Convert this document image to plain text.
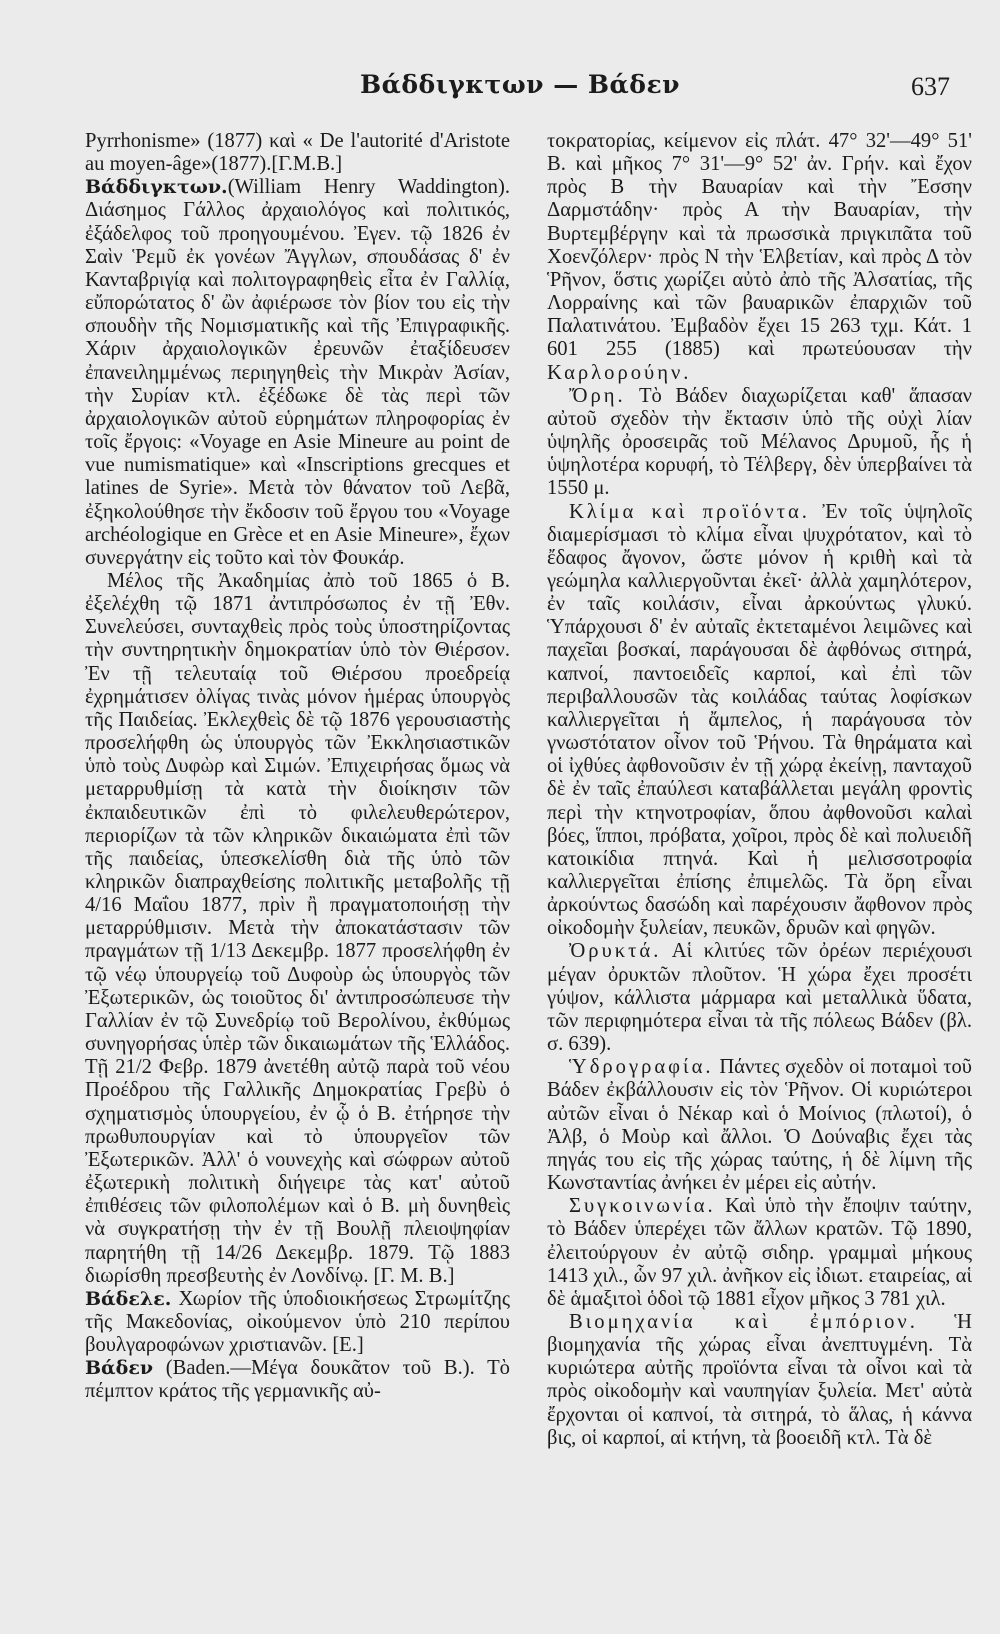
Βάδδιγκτων — Βάδεν	637

Pyrrhonisme» (1877) καὶ « De l'autorité d'Aristote au moyen-âge»(1877).[Γ.Μ.Β.]

Βάδδιγκτων.(William Henry Waddington). Διάσημος Γάλλος ἀρχαιολόγος καὶ πολιτικός, ἐξάδελφος τοῦ προηγουμένου. Ἐγεν. τῷ 1826 ἐν Σαὶν Ῥεμῦ ἐκ γονέων Ἄγγλων, σπουδάσας δ' ἐν Κανταβριγίᾳ καὶ πολιτογραφηθεὶς εἶτα ἐν Γαλλίᾳ, εὔπορώτατος δ' ὢν ἀφιέρωσε τὸν βίον του εἰς τὴν σπουδὴν τῆς Νομισματικῆς καὶ τῆς Ἐπιγραφικῆς. Χάριν ἀρχαιολογικῶν ἐρευνῶν ἐταξίδευσεν ἐπανειλημμένως περιηγηθεὶς τὴν Μικρὰν Ἀσίαν, τὴν Συρίαν κτλ. ἐξέδωκε δὲ τὰς περὶ τῶν ἀρχαιολογικῶν αὐτοῦ εὑρημάτων πληροφορίας ἐν τοῖς ἔργοις: «Voyage en Asie Mineure au point de vue numismatique» καὶ «Inscriptions grecques et latines de Syrie». Μετὰ τὸν θάνατον τοῦ Λεβᾶ, ἐξηκολούθησε τὴν ἔκδοσιν τοῦ ἔργου του «Voyage archéologique en Grèce et en Asie Mineure», ἔχων συνεργάτην εἰς τοῦτο καὶ τὸν Φουκάρ.

Μέλος τῆς Ἀκαδημίας ἀπὸ τοῦ 1865 ὁ Β. ἐξελέχθη τῷ 1871 ἀντιπρόσωπος ἐν τῇ Ἐθν. Συνελεύσει, συνταχθεὶς πρὸς τοὺς ὑποστηρίζοντας τὴν συντηρητικὴν δημοκρατίαν ὑπὸ τὸν Θιέρσον. Ἐν τῇ τελευταίᾳ τοῦ Θιέρσου προεδρείᾳ ἐχρημάτισεν ὀλίγας τινὰς μόνον ἡμέρας ὑπουργὸς τῆς Παιδείας. Ἐκλεχθεὶς δὲ τῷ 1876 γερουσιαστὴς προσελήφθη ὡς ὑπουργὸς τῶν Ἐκκλησιαστικῶν ὑπὸ τοὺς Δυφὼρ καὶ Σιμών. Ἐπιχειρήσας ὅμως νὰ μεταρρυθμίσῃ τὰ κατὰ τὴν διοίκησιν τῶν ἐκπαιδευτικῶν ἐπὶ τὸ φιλελευθερώτερον, περιορίζων τὰ τῶν κληρικῶν δικαιώματα ἐπὶ τῶν τῆς παιδείας, ὑπεσκελίσθη διὰ τῆς ὑπὸ τῶν κληρικῶν διαπραχθείσης πολιτικῆς μεταβολῆς τῇ 4/16 Μαΐου 1877, πρὶν ἢ πραγματοποιήσῃ τὴν μεταρρύθμισιν. Μετὰ τὴν ἀποκατάστασιν τῶν πραγμάτων τῇ 1/13 Δεκεμβρ. 1877 προσελήφθη ἐν τῷ νέῳ ὑπουργείῳ τοῦ Δυφοὺρ ὡς ὑπουργὸς τῶν Ἐξωτερικῶν, ὡς τοιοῦτος δι' ἀντιπροσώπευσε τὴν Γαλλίαν ἐν τῷ Συνεδρίῳ τοῦ Βερολίνου, ἐκθύμως συνηγορήσας ὑπὲρ τῶν δικαιωμάτων τῆς Ἑλλάδος. Τῇ 21/2 Φεβρ. 1879 ἀνετέθη αὐτῷ παρὰ τοῦ νέου Προέδρου τῆς Γαλλικῆς Δημοκρατίας Γρεβὺ ὁ σχηματισμὸς ὑπουργείου, ἐν ᾧ ὁ Β. ἐτήρησε τὴν πρωθυπουργίαν καὶ τὸ ὑπουργεῖον τῶν Ἐξωτερικῶν. Ἀλλ' ὁ νουνεχὴς καὶ σώφρων αὐτοῦ ἐξωτερικὴ πολιτικὴ διήγειρε τὰς κατ' αὐτοῦ ἐπιθέσεις τῶν φιλοπολέμων καὶ ὁ Β. μὴ δυνηθεὶς νὰ συγκρατήσῃ τὴν ἐν τῇ Βουλῇ πλειοψηφίαν παρητήθη τῇ 14/26 Δεκεμβρ. 1879. Τῷ 1883 διωρίσθη πρεσβευτὴς ἐν Λονδίνῳ. [Γ. Μ. Β.]

Βάδελε. Χωρίον τῆς ὑποδιοικήσεως Στρωμίτζης τῆς Μακεδονίας, οἰκούμενον ὑπὸ 210 περίπου βουλγαροφώνων χριστιανῶν. [Ε.]

Βάδεν (Baden.—Μέγα δουκᾶτον τοῦ Β.). Τὸ πέμπτον κράτος τῆς γερμανικῆς αὐ-

τοκρατορίας, κείμενον εἰς πλάτ. 47° 32'—49° 51' Β. καὶ μῆκος 7° 31'—9° 52' ἀν. Γρήν. καὶ ἔχον πρὸς Β τὴν Βαυαρίαν καὶ τὴν Ἔσσην Δαρμστάδην· πρὸς Α τὴν Βαυαρίαν, τὴν Βυρτεμβέργην καὶ τὰ πρωσσικὰ πριγκιπᾶτα τοῦ Χοενζόλερν· πρὸς Ν τὴν Ἑλβετίαν, καὶ πρὸς Δ τὸν Ῥῆνον, ὅστις χωρίζει αὐτὸ ἀπὸ τῆς Ἀλσατίας, τῆς Λορραίνης καὶ τῶν βαυαρικῶν ἐπαρχιῶν τοῦ Παλατινάτου. Ἐμβαδὸν ἔχει 15 263 τχμ. Κάτ. 1 601 255 (1885) καὶ πρωτεύουσαν τὴν Καρλορούην.

Ὄρη. Τὸ Βάδεν διαχωρίζεται καθ' ἅπασαν αὐτοῦ σχεδὸν τὴν ἔκτασιν ὑπὸ τῆς οὐχὶ λίαν ὑψηλῆς ὀροσειρᾶς τοῦ Μέλανος Δρυμοῦ, ἧς ἡ ὑψηλοτέρα κορυφή, τὸ Τέλβεργ, δὲν ὑπερβαίνει τὰ 1550 μ.

Κλίμα καὶ προϊόντα. Ἐν τοῖς ὑψηλοῖς διαμερίσμασι τὸ κλίμα εἶναι ψυχρότατον, καὶ τὸ ἔδαφος ἄγονον, ὥστε μόνον ἡ κριθὴ καὶ τὰ γεώμηλα καλλιεργοῦνται ἐκεῖ· ἀλλὰ χαμηλότερον, ἐν ταῖς κοιλάσιν, εἶναι ἀρκούντως γλυκύ. Ὑπάρχουσι δ' ἐν αὐταῖς ἐκτεταμένοι λειμῶνες καὶ παχεῖαι βοσκαί, παράγουσαι δὲ ἀφθόνως σιτηρά, καπνοί, παντοειδεῖς καρποί, καὶ ἐπὶ τῶν περιβαλλουσῶν τὰς κοιλάδας ταύτας λοφίσκων καλλιεργεῖται ἡ ἄμπελος, ἡ παράγουσα τὸν γνωστότατον οἶνον τοῦ Ῥήνου. Τὰ θηράματα καὶ οἱ ἰχθύες ἀφθονοῦσιν ἐν τῇ χώρᾳ ἐκείνῃ, πανταχοῦ δὲ ἐν ταῖς ἐπαύλεσι καταβάλλεται μεγάλη φροντὶς περὶ τὴν κτηνοτροφίαν, ὅπου ἀφθονοῦσι καλαὶ βόες, ἵπποι, πρόβατα, χοῖροι, πρὸς δὲ καὶ πολυειδῆ κατοικίδια πτηνά. Καὶ ἡ μελισσοτροφία καλλιεργεῖται ἐπίσης ἐπιμελῶς. Τὰ ὄρη εἶναι ἀρκούντως δασώδη καὶ παρέχουσιν ἄφθονον πρὸς οἰκοδομὴν ξυλείαν, πευκῶν, δρυῶν καὶ φηγῶν.

Ὀρυκτά. Αἱ κλιτύες τῶν ὀρέων περιέχουσι μέγαν ὀρυκτῶν πλοῦτον. Ἡ χώρα ἔχει προσέτι γύψον, κάλλιστα μάρμαρα καὶ μεταλλικὰ ὕδατα, τῶν περιφημότερα εἶναι τὰ τῆς πόλεως Βάδεν (βλ. σ. 639).

Ὑδρογραφία. Πάντες σχεδὸν οἱ ποταμοὶ τοῦ Βάδεν ἐκβάλλουσιν εἰς τὸν Ῥῆνον. Οἱ κυριώτεροι αὐτῶν εἶναι ὁ Νέκαρ καὶ ὁ Μοίνιος (πλωτοί), ὁ Ἀλβ, ὁ Μοὺρ καὶ ἄλλοι. Ὁ Δούναβις ἔχει τὰς πηγάς του εἰς τῆς χώρας ταύτης, ἡ δὲ λίμνη τῆς Κωνσταντίας ἀνήκει ἐν μέρει εἰς αὐτήν.

Συγκοινωνία. Καὶ ὑπὸ τὴν ἔποψιν ταύτην, τὸ Βάδεν ὑπερέχει τῶν ἄλλων κρατῶν. Τῷ 1890, ἐλειτούργουν ἐν αὐτῷ σιδηρ. γραμμαὶ μήκους 1413 χιλ., ὧν 97 χιλ. ἀνῆκον εἰς ἰδιωτ. εταιρείας, αἱ δὲ ἁμαξιτοὶ ὁδοὶ τῷ 1881 εἶχον μῆκος 3 781 χιλ.

Βιομηχανία καὶ ἐμπόριον. Ἡ βιομηχανία τῆς χώρας εἶναι ἀνεπτυγμένη. Τὰ κυριώτερα αὐτῆς προϊόντα εἶναι τὰ οἶνοι καὶ τὰ πρὸς οἰκοδομὴν καὶ ναυπηγίαν ξυλεία. Μετ' αὐτὰ ἔρχονται οἱ καπνοί, τὰ σιτηρά, τὸ ἅλας, ἡ κάννα βις, οἱ καρποί, αἱ κτήνη, τὰ βοοειδῆ κτλ. Τὰ δὲ
